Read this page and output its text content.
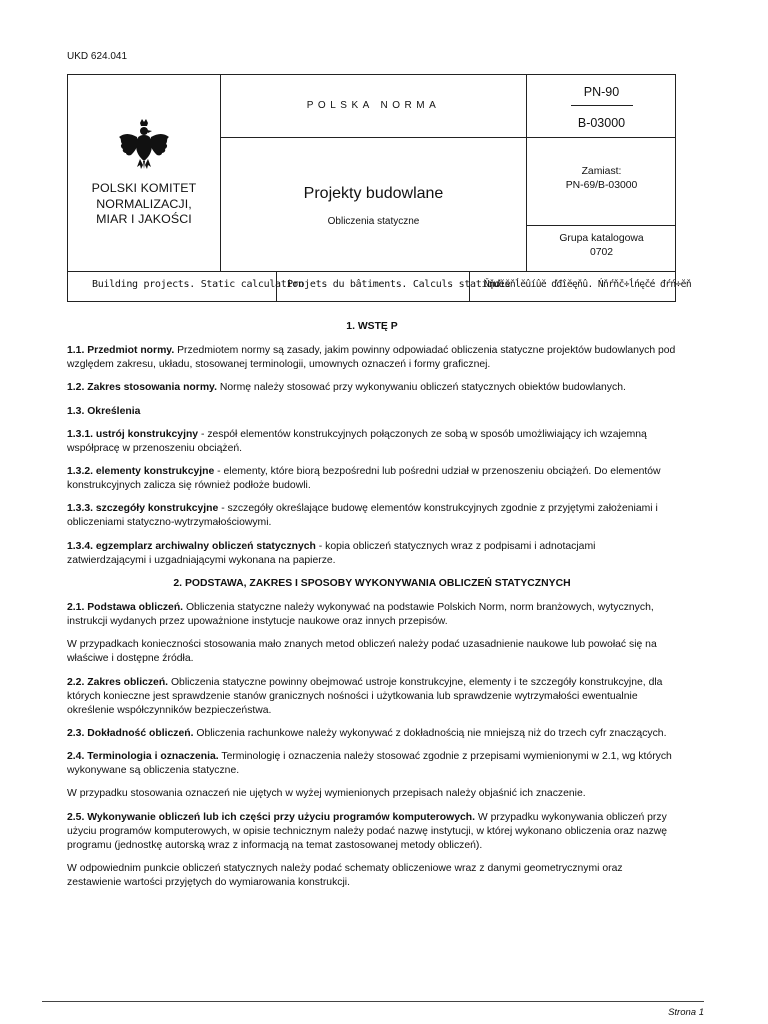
UKD 624.041
POLSKI KOMITET
NORMALIZACJI,
MIAR I JAKOŚCI
POLSKA NORMA
Projekty budowlane
Obliczenia statyczne
PN-90
B-03000
Zamiast:
PN-69/B-03000
Grupa katalogowa
0702
Building projects. Static calculation
Projets du bâtiments. Calculs statiques
Ňňďĭĕňĺĕûíûĕ ďđîĕęňû. Ńňŕňč÷ĺńęčé đŕń÷ĕň
1. WSTĘ P

1.1. Przedmiot normy. Przedmiotem normy są zasady, jakim powinny odpowiadać obliczenia statyczne projektów budowlanych pod względem zakresu, układu, stosowanej terminologii, umownych oznaczeń i formy graficznej.

1.2. Zakres stosowania normy. Normę należy stosować przy wykonywaniu obliczeń statycznych obiektów budowlanych.

1.3. Określenia

1.3.1. ustrój konstrukcyjny - zespół elementów konstrukcyjnych połączonych ze sobą w sposób umożliwiający ich wzajemną współpracę w przenoszeniu obciążeń.

1.3.2. elementy konstrukcyjne - elementy, które biorą bezpośredni lub pośredni udział w przenoszeniu obciążeń. Do elementów konstrukcyjnych zalicza się również podłoże budowli.

1.3.3. szczegóły konstrukcyjne - szczegóły określające budowę elementów konstrukcyjnych zgodnie z przyjętymi założeniami i obliczeniami statyczno-wytrzymałościowymi.

1.3.4. egzemplarz archiwalny obliczeń statycznych - kopia obliczeń statycznych wraz z podpisami i adnotacjami zatwierdzającymi i uzgadniającymi wykonana na papierze.

2. PODSTAWA, ZAKRES I SPOSOBY WYKONYWANIA OBLICZEŃ STATYCZNYCH

2.1. Podstawa obliczeń. Obliczenia statyczne należy wykonywać na podstawie Polskich Norm, norm branżowych, wytycznych, instrukcji wydanych przez upoważnione instytucje naukowe oraz innych przepisów.

W przypadkach konieczności stosowania mało znanych metod obliczeń należy podać uzasadnienie naukowe lub powołać się na właściwe i dostępne źródła.

2.2. Zakres obliczeń. Obliczenia statyczne powinny obejmować ustroje konstrukcyjne, elementy i te szczegóły konstrukcyjne, dla których konieczne jest sprawdzenie stanów granicznych nośności i użytkowania lub sprawdzenie wytrzymałości ewentualnie określenie współczynników bezpieczeństwa.

2.3. Dokładność obliczeń. Obliczenia rachunkowe należy wykonywać z dokładnością nie mniejszą niż do trzech cyfr znaczących.

2.4. Terminologia i oznaczenia. Terminologię i oznaczenia należy stosować zgodnie z przepisami wymienionymi w 2.1, wg których wykonywane są obliczenia statyczne.

W przypadku stosowania oznaczeń nie ujętych w wyżej wymienionych przepisach należy objaśnić ich znaczenie.

2.5. Wykonywanie obliczeń lub ich części przy użyciu programów komputerowych. W przypadku wykonywania obliczeń przy użyciu programów komputerowych, w opisie technicznym należy podać nazwę instytucji, w której wykonano obliczenia oraz nazwę programu (jednostkę autorską wraz z informacją na temat zastosowanej metody obliczeń).

W odpowiednim punkcie obliczeń statycznych należy podać schematy obliczeniowe wraz z danymi geometrycznymi oraz zestawienie wartości przyjętych do wymiarowania konstrukcji.

Strona 1
